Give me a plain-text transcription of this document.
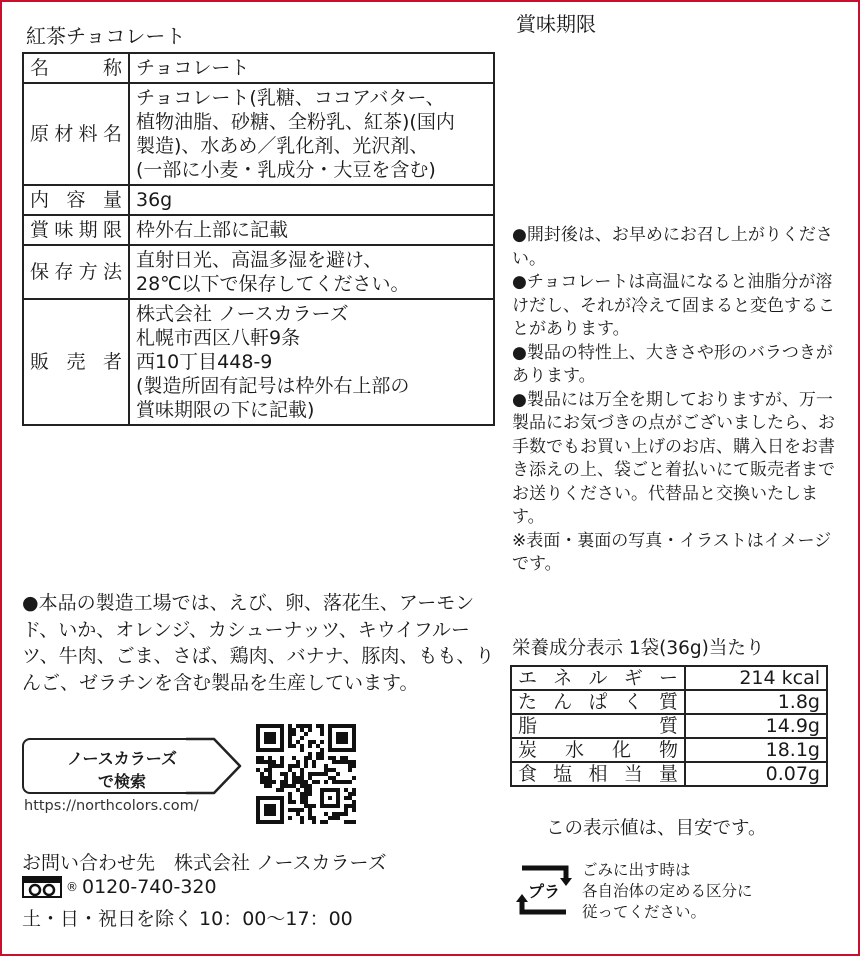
紅茶チョコレート	賞味期限
名称	チョコレート
原材料名	チョコレート(乳糖、ココアバター、
植物油脂、砂糖、全粉乳、紅茶)(国内
製造)、水あめ／乳化剤、光沢剤、
(一部に小麦・乳成分・大豆を含む)
内容量	36g
賞味期限	枠外右上部に記載
保存方法	直射日光、高温多湿を避け、
28℃以下で保存してください。
販売者	株式会社 ノースカラーズ
札幌市西区八軒9条
西10丁目448-9
(製造所固有記号は枠外右上部の
賞味期限の下に記載)

●開封後は、お早めにお召し上がりください。

●チョコレートは高温になると油脂分が溶けだし、それが冷えて固まると変色することがあります。

●製品の特性上、大きさや形のバラつきがあります。

●製品には万全を期しておりますが、万一製品にお気づきの点がございましたら、お手数でもお買い上げのお店、購入日をお書き添えの上、袋ごと着払いにて販売者までお送りください。代替品と交換いたします。

※表面・裏面の写真・イラストはイメージです。

●本品の製造工場では、えび、卵、落花生、アーモンド、いか、オレンジ、カシューナッツ、キウイフルーツ、牛肉、ごま、さば、鶏肉、バナナ、豚肉、もも、りんご、ゼラチンを含む製品を生産しています。
栄養成分表示 1袋(36g)当たり
エネルギー	214 kcal
たんぱく質	1.8g
脂質	14.9g
炭水化物	18.1g
食塩相当量	0.07g
この表示値は、目安です。
ノースカラーズ
で検索
https://northcolors.com/
お問い合わせ先　株式会社 ノースカラーズ
® 0120-740-320
土・日・祝日を除く 10：00〜17：00
プラ

ごみに出す時は

各自治体の定める区分に

従ってください。
